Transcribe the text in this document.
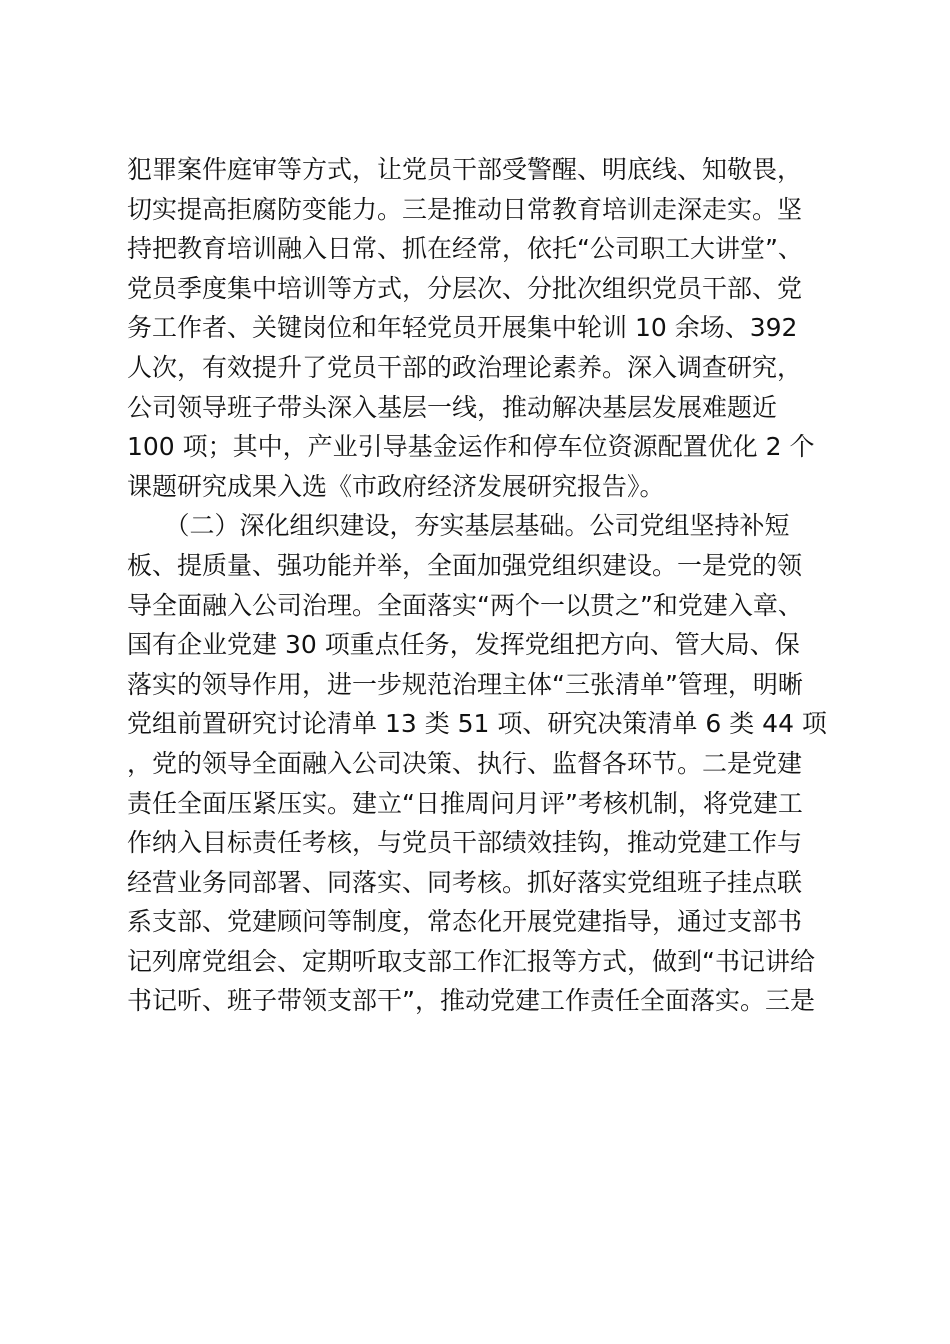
犯罪案件庭审等方式，让党员干部受警醒、明底线、知敬畏，
切实提高拒腐防变能力。三是推动日常教育培训走深走实。坚
持把教育培训融入日常、抓在经常，依托“公司职工大讲堂”、
党员季度集中培训等方式，分层次、分批次组织党员干部、党
务工作者、关键岗位和年轻党员开展集中轮训 10 余场、392
人次，有效提升了党员干部的政治理论素养。深入调查研究，
公司领导班子带头深入基层一线，推动解决基层发展难题近
100 项；其中，产业引导基金运作和停车位资源配置优化 2 个
课题研究成果入选《市政府经济发展研究报告》。
　　（二）深化组织建设，夯实基层基础。公司党组坚持补短
板、提质量、强功能并举，全面加强党组织建设。一是党的领
导全面融入公司治理。全面落实“两个一以贯之”和党建入章、
国有企业党建 30 项重点任务，发挥党组把方向、管大局、保
落实的领导作用，进一步规范治理主体“三张清单”管理，明晰
党组前置研究讨论清单 13 类 51 项、研究决策清单 6 类 44 项
，党的领导全面融入公司决策、执行、监督各环节。二是党建
责任全面压紧压实。建立“日推周问月评”考核机制，将党建工
作纳入目标责任考核，与党员干部绩效挂钩，推动党建工作与
经营业务同部署、同落实、同考核。抓好落实党组班子挂点联
系支部、党建顾问等制度，常态化开展党建指导，通过支部书
记列席党组会、定期听取支部工作汇报等方式，做到“书记讲给
书记听、班子带领支部干”，推动党建工作责任全面落实。三是
